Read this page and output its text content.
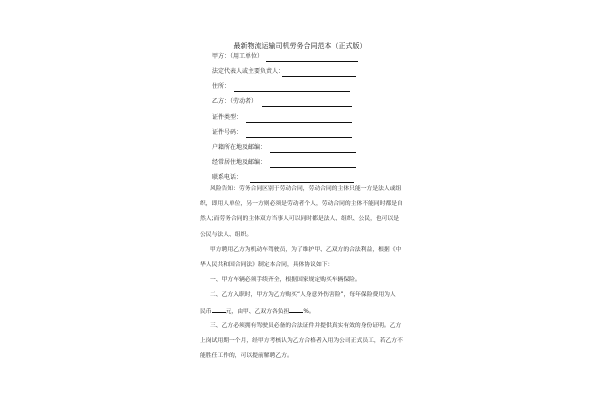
最新物流运输司机劳务合同范本（正式版）
甲方：（用工单位）
法定代表人或主要负责人：
住所：
乙方：（劳动者）
证件类型：
证件号码：
户籍所在地及邮编：
经常居住地及邮编：
联系电话：
风险告知：劳务合同区别于劳动合同，劳动合同的主体只能一方是法人或组
织，即用人单位，另一方则必须是劳动者个人，劳动合同的主体不能同时都是自
然人;而劳务合同的主体双方当事人可以同时都是法人、组织、公民，也可以是
公民与法人、组织。
甲方聘用乙方为机动车驾驶员，为了维护甲、乙双方的合法利益，根据《中
华人民共和国合同法》制定本合同，具体协议如下：
一、甲方车辆必须手续齐全，根据国家规定购买车辆保险。
二、乙方入职时，甲方为乙方购买“人身意外伤害险”，每年保险费用为人
民币 元，由甲、乙双方各负担 %。
三、乙方必须拥有驾驶员必备的合法证件并提供真实有效的身份证明。乙方
上岗试用期一个月，经甲方考核认为乙方合格者入用为公司正式员工，若乙方不
能胜任工作的，可以提前解聘乙方。
